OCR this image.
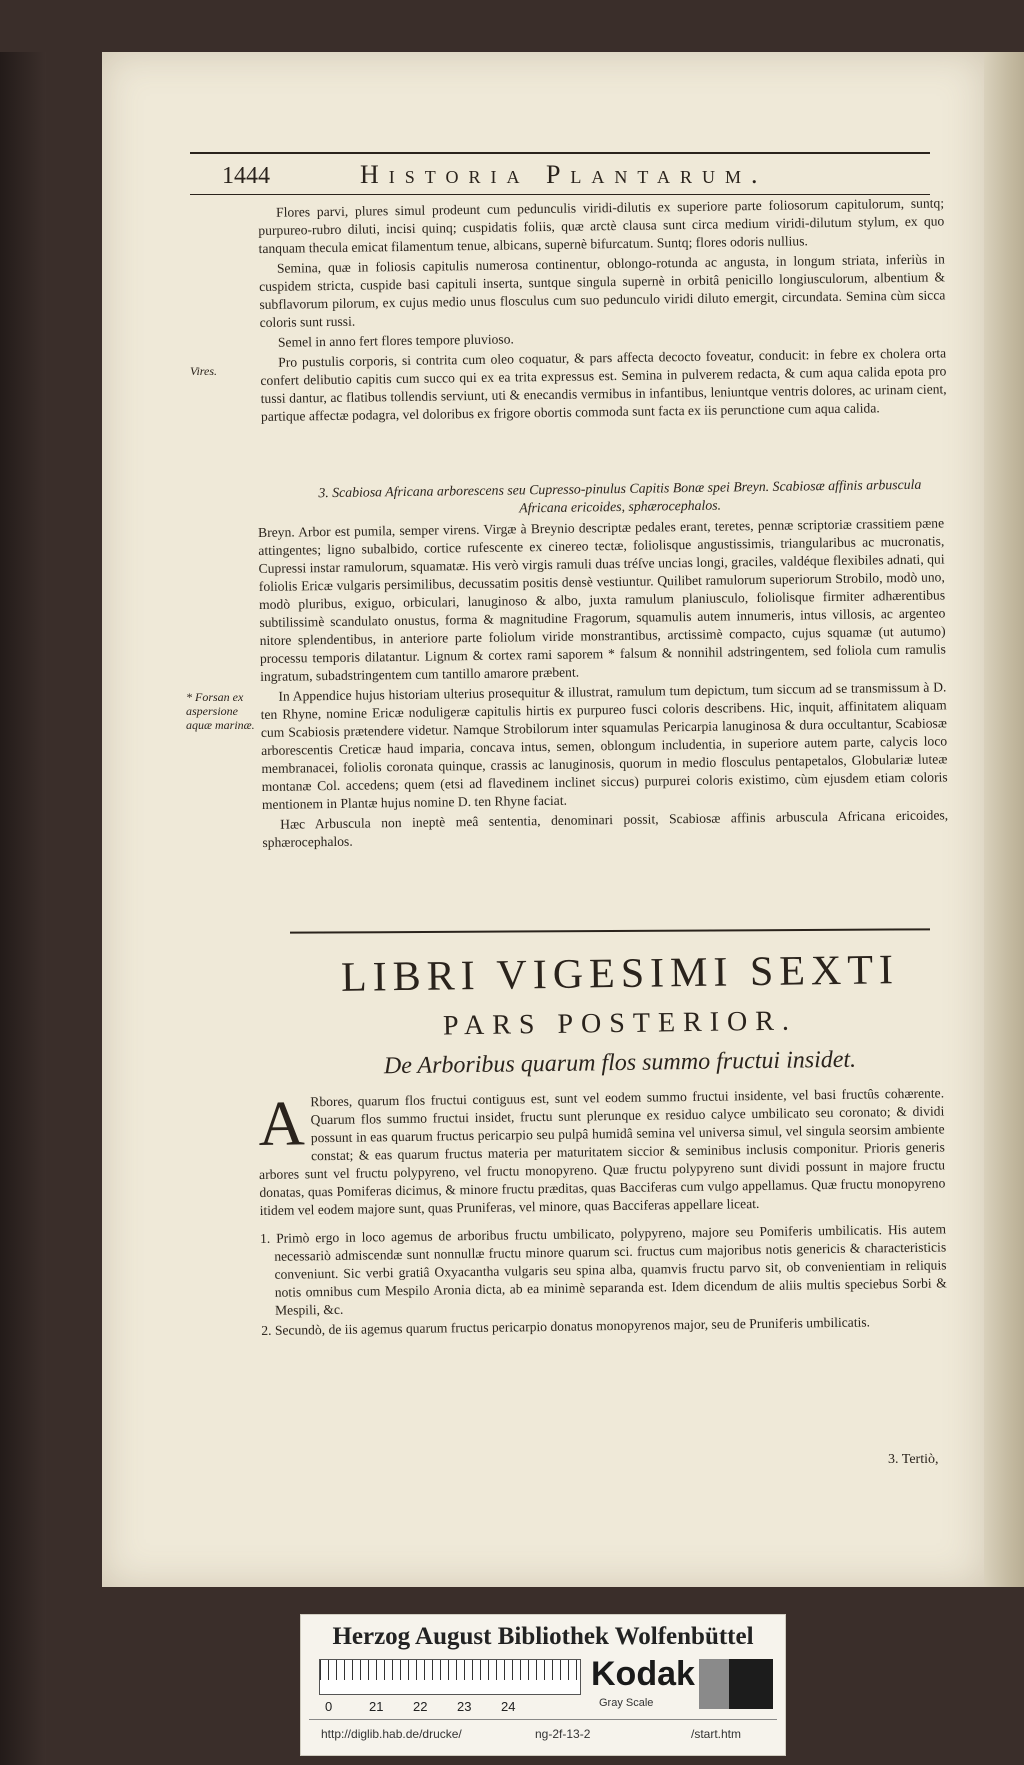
1444	Historia Plantarum.
Vires.
* Forsan ex aspersione aquæ marinæ.

Flores parvi, plures simul prodeunt cum pedunculis viridi-dilutis ex superiore parte foliosorum capitulorum, suntq; purpureo-rubro diluti, incisi quinq; cuspidatis foliis, quæ arctè clausa sunt circa medium viridi-dilutum stylum, ex quo tanquam thecula emicat filamentum tenue, albicans, supernè bifurcatum. Suntq; flores odoris nullius.

Semina, quæ in foliosis capitulis numerosa continentur, oblongo-rotunda ac angusta, in longum striata, inferiùs in cuspidem stricta, cuspide basi capituli inserta, suntque singula supernè in orbitâ penicillo longiusculorum, albentium & subflavorum pilorum, ex cujus medio unus flosculus cum suo pedunculo viridi diluto emergit, circundata. Semina cùm sicca coloris sunt russi.

Semel in anno fert flores tempore pluvioso.

Pro pustulis corporis, si contrita cum oleo coquatur, & pars affecta decocto foveatur, conducit: in febre ex cholera orta confert delibutio capitis cum succo qui ex ea trita expressus est. Semina in pulverem redacta, & cum aqua calida epota pro tussi dantur, ac flatibus tollendis serviunt, uti & enecandis vermibus in infantibus, leniuntque ventris dolores, ac urinam cient, partique affectæ podagra, vel doloribus ex frigore obortis commoda sunt facta ex iis perunctione cum aqua calida.

3. Scabiosa Africana arborescens seu Cupresso-pinulus Capitis Bonæ spei Breyn. Scabiosæ affinis arbuscula Africana ericoides, sphærocephalos.

Breyn. Arbor est pumila, semper virens. Virgæ à Breynio descriptæ pedales erant, teretes, pennæ scriptoriæ crassitiem pæne attingentes; ligno subalbido, cortice rufescente ex cinereo tectæ, foliolisque angustissimis, triangularibus ac mucronatis, Cupressi instar ramulorum, squamatæ. His verò virgis ramuli duas tréſve uncias longi, graciles, valdéque flexibiles adnati, qui foliolis Ericæ vulgaris persimilibus, decussatim positis densè vestiuntur. Quilibet ramulorum superiorum Strobilo, modò uno, modò pluribus, exiguo, orbiculari, lanuginoso & albo, juxta ramulum planiusculo, foliolisque firmiter adhærentibus subtilissimè scandulato onustus, forma & magnitudine Fragorum, squamulis autem innumeris, intus villosis, ac argenteo nitore splendentibus, in anteriore parte foliolum viride monstrantibus, arctissimè compacto, cujus squamæ (ut autumo) processu temporis dilatantur. Lignum & cortex rami saporem * falsum & nonnihil adstringentem, sed foliola cum ramulis ingratum, subadstringentem cum tantillo amarore præbent.

In Appendice hujus historiam ulterius prosequitur & illustrat, ramulum tum depictum, tum siccum ad se transmissum à D. ten Rhyne, nomine Ericæ noduligeræ capitulis hirtis ex purpureo fusci coloris describens. Hic, inquit, affinitatem aliquam cum Scabiosis prætendere videtur. Namque Strobilorum inter squamulas Pericarpia lanuginosa & dura occultantur, Scabiosæ arborescentis Creticæ haud imparia, concava intus, semen, oblongum includentia, in superiore autem parte, calycis loco membranacei, foliolis coronata quinque, crassis ac lanuginosis, quorum in medio flosculus pentapetalos, Globulariæ luteæ montanæ Col. accedens; quem (etsi ad flavedinem inclinet siccus) purpurei coloris existimo, cùm ejusdem etiam coloris mentionem in Plantæ hujus nomine D. ten Rhyne faciat.

Hæc Arbuscula non ineptè meâ sententia, denominari possit, Scabiosæ affinis arbuscula Africana ericoides, sphærocephalos.

LIBRI VIGESIMI SEXTI
PARS POSTERIOR.
De Arboribus quarum flos summo fructui insidet.

A Rbores, quarum flos fructui contiguus est, sunt vel eodem summo fructui insidente, vel basi fructûs cohærente. Quarum flos summo fructui insidet, fructu sunt plerunque ex residuo calyce umbilicato seu coronato; & dividi possunt in eas quarum fructus pericarpio seu pulpâ humidâ semina vel universa simul, vel singula seorsim ambiente constat; & eas quarum fructus materia per maturitatem siccior & seminibus inclusis componitur. Prioris generis arbores sunt vel fructu polypyreno, vel fructu monopyreno. Quæ fructu polypyreno sunt dividi possunt in majore fructu donatas, quas Pomiferas dicimus, & minore fructu præditas, quas Bacciferas cum vulgo appellamus. Quæ fructu monopyreno itidem vel eodem majore sunt, quas Pruniferas, vel minore, quas Bacciferas appellare liceat.

1. Primò ergo in loco agemus de arboribus fructu umbilicato, polypyreno, majore seu Pomiferis umbilicatis. His autem necessariò admiscendæ sunt nonnullæ fructu minore quarum sci. fructus cum majoribus notis genericis & characteristicis conveniunt. Sic verbi gratiâ Oxyacantha vulgaris seu spina alba, quamvis fructu parvo sit, ob convenientiam in reliquis notis omnibus cum Mespilo Aronia dicta, ab ea minimè separanda est. Idem dicendum de aliis multis speciebus Sorbi & Mespili, &c.

2. Secundò, de iis agemus quarum fructus pericarpio donatus monopyrenos major, seu de Pruniferis umbilicatis.

3. Tertiò,
Herzog August Bibliothek Wolfenbüttel
0	21 22 23 24
Kodak
Gray Scale
http://diglib.hab.de/drucke/	ng-2f-13-2	/start.htm
